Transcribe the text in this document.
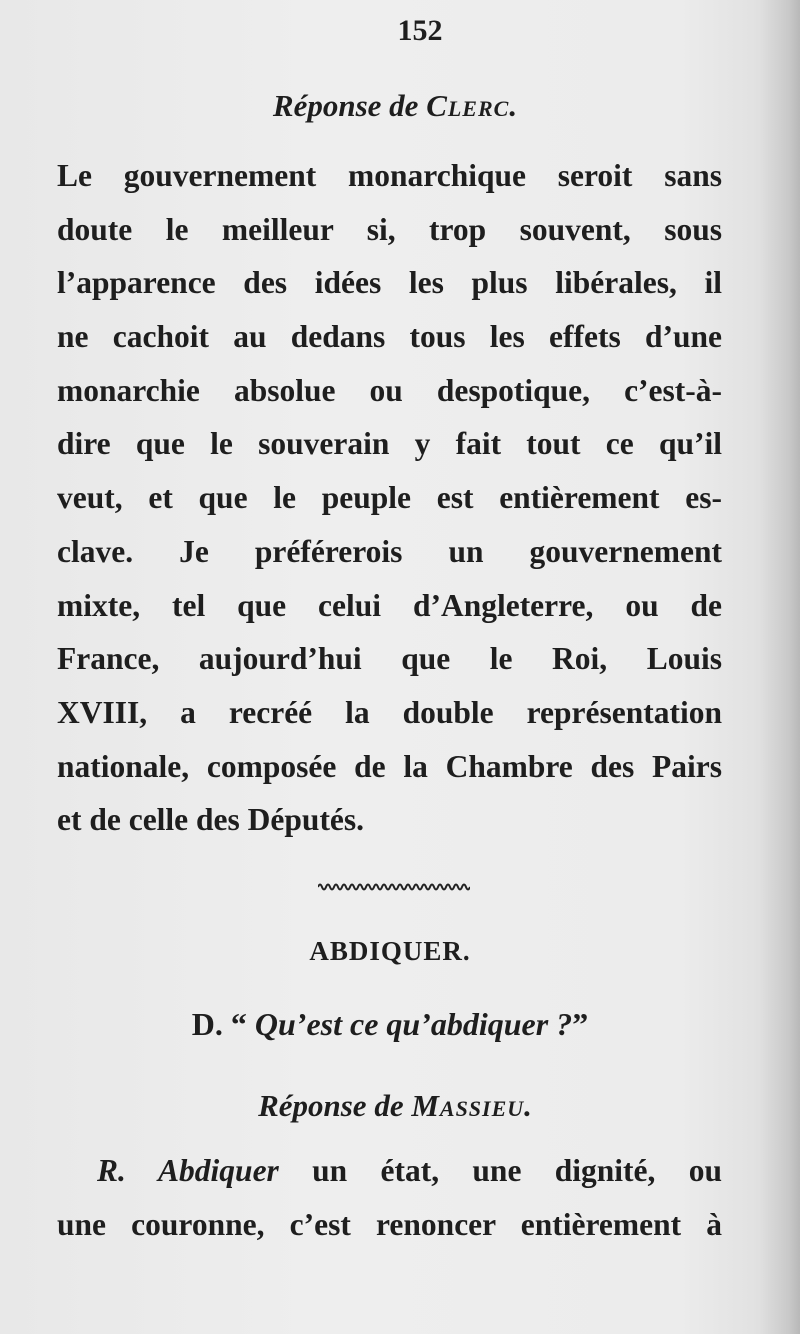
152
Réponse de Clerc.
Le gouvernement monarchique seroit sans
doute le meilleur si, trop souvent, sous
l’apparence des idées les plus libérales, il
ne cachoit au dedans tous les effets d’une
monarchie absolue ou despotique, c’est-à-
dire que le souverain y fait tout ce qu’il
veut, et que le peuple est entièrement es-
clave. Je préférerois un gouvernement
mixte, tel que celui d’Angleterre, ou de
France, aujourd’hui que le Roi, Louis
XVIII, a recréé la double représentation
nationale, composée de la Chambre des Pairs
et de celle des Députés.
ABDIQUER.
D. “ Qu’est ce qu’abdiquer ?”
Réponse de Massieu.
R. Abdiquer un état, une dignité, ou
une couronne, c’est renoncer entièrement à
